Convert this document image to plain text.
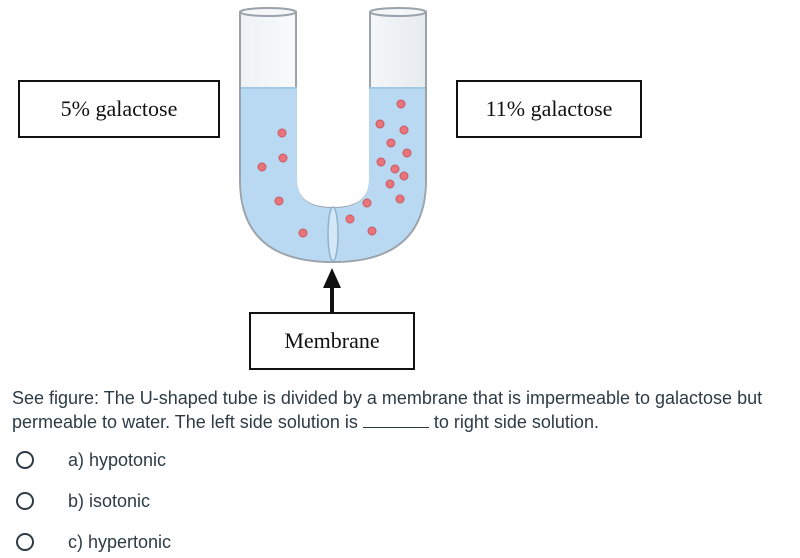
5% galactose	11% galactose
Membrane
See figure: The U-shaped tube is divided by a membrane that is impermeable to galactose but
permeable to water. The left side solution is	to right side solution.
a) hypotonic
b) isotonic
c) hypertonic
